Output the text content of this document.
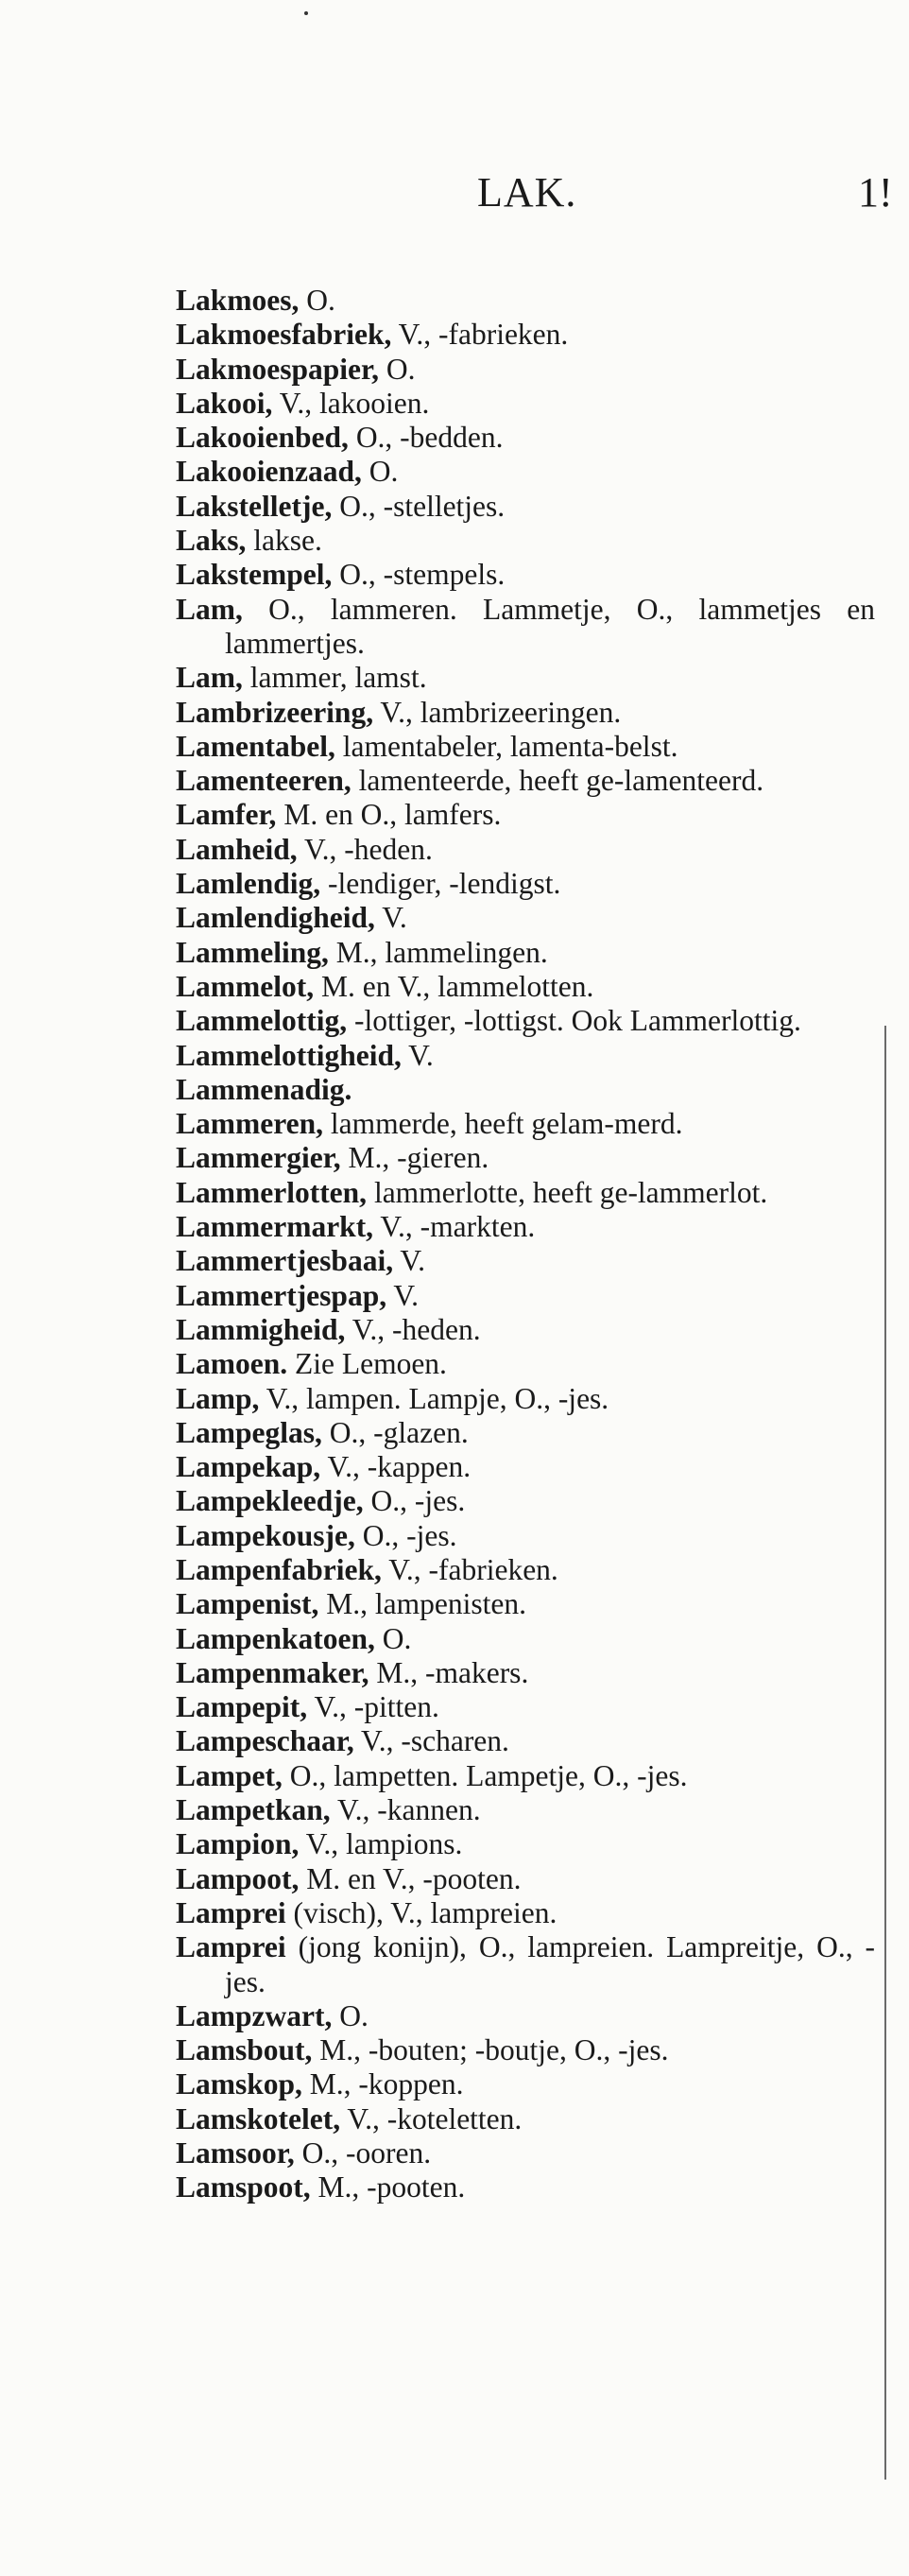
LAK.	1!
Lakmoes, O.
Lakmoesfabriek, V., -fabrieken.
Lakmoespapier, O.
Lakooi, V., lakooien.
Lakooienbed, O., -bedden.
Lakooienzaad, O.
Lakstelletje, O., -stelletjes.
Laks, lakse.
Lakstempel, O., -stempels.
Lam, O., lammeren. Lammetje, O., lammetjes en lammertjes.
Lam, lammer, lamst.
Lambrizeering, V., lambrizeeringen.
Lamentabel, lamentabeler, lamenta-belst.
Lamenteeren, lamenteerde, heeft ge-lamenteerd.
Lamfer, M. en O., lamfers.
Lamheid, V., -heden.
Lamlendig, -lendiger, -lendigst.
Lamlendigheid, V.
Lammeling, M., lammelingen.
Lammelot, M. en V., lammelotten.
Lammelottig, -lottiger, -lottigst. Ook Lammerlottig.
Lammelottigheid, V.
Lammenadig.
Lammeren, lammerde, heeft gelam-merd.
Lammergier, M., -gieren.
Lammerlotten, lammerlotte, heeft ge-lammerlot.
Lammermarkt, V., -markten.
Lammertjesbaai, V.
Lammertjespap, V.
Lammigheid, V., -heden.
Lamoen. Zie Lemoen.
Lamp, V., lampen. Lampje, O., -jes.
Lampeglas, O., -glazen.
Lampekap, V., -kappen.
Lampekleedje, O., -jes.
Lampekousje, O., -jes.
Lampenfabriek, V., -fabrieken.
Lampenist, M., lampenisten.
Lampenkatoen, O.
Lampenmaker, M., -makers.
Lampepit, V., -pitten.
Lampeschaar, V., -scharen.
Lampet, O., lampetten. Lampetje, O., -jes.
Lampetkan, V., -kannen.
Lampion, V., lampions.
Lampoot, M. en V., -pooten.
Lamprei (visch), V., lampreien.
Lamprei (jong konijn), O., lampreien. Lampreitje, O., -jes.
Lampzwart, O.
Lamsbout, M., -bouten; -boutje, O., -jes.
Lamskop, M., -koppen.
Lamskotelet, V., -koteletten.
Lamsoor, O., -ooren.
Lamspoot, M., -pooten.
